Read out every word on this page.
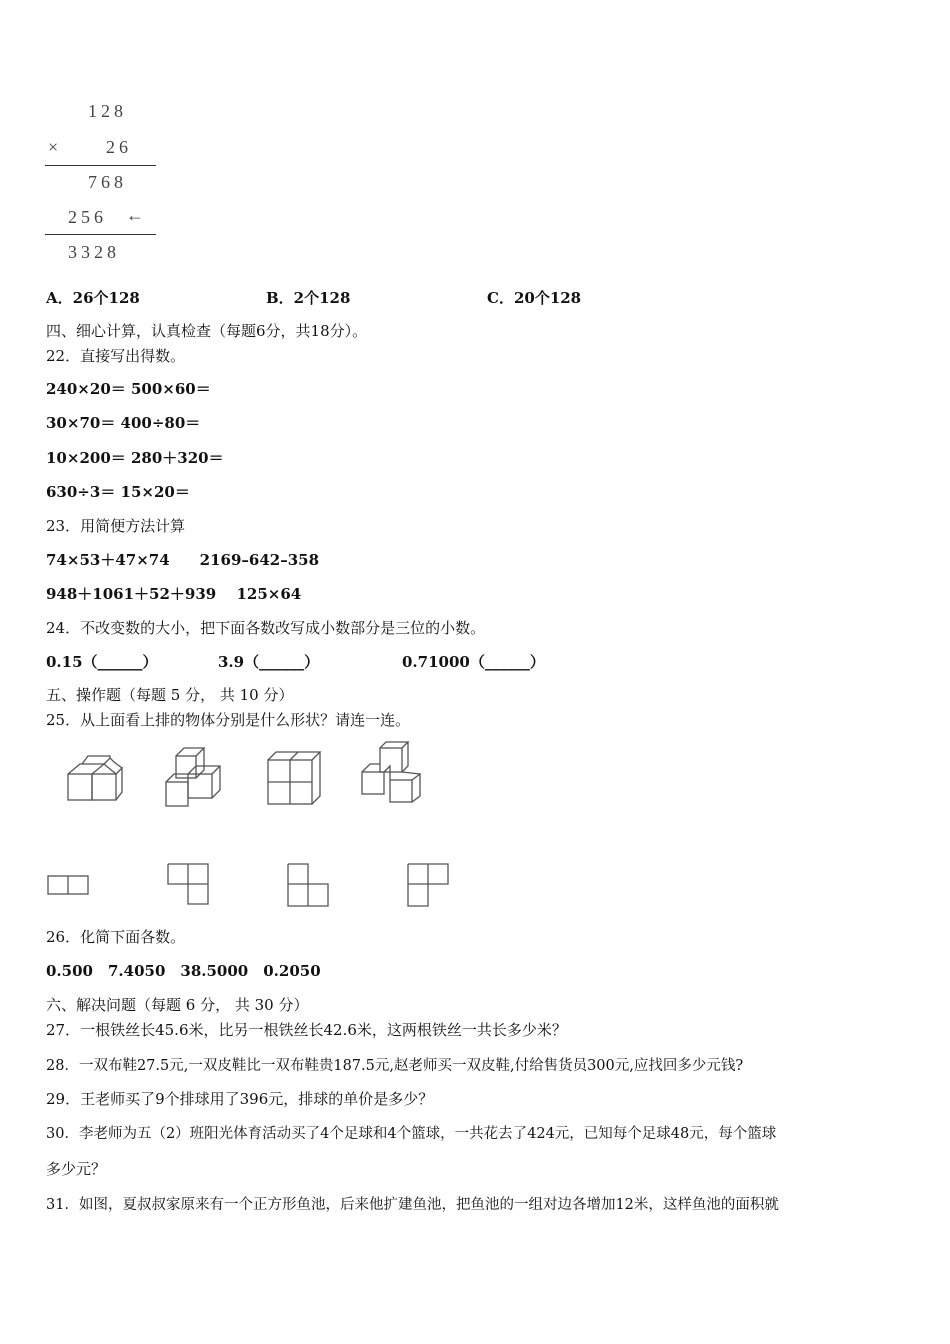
128
× 26
768
256 ←
3328
A．26个128	B．2个128	C．20个128
四、细心计算，认真检查（每题6分，共18分）。
22．直接写出得数。
240×20＝ 500×60＝
30×70＝ 400÷80＝
10×200＝ 280＋320＝
630÷3＝ 15×20＝
23．用简便方法计算
74×53＋47×74　　2169–642–358
948＋1061＋52＋939　 125×64
24．不改变数的大小，把下面各数改写成小数部分是三位的小数。
0.15（______）	3.9（______）	0.71000（______）
五、操作题（每题 5 分， 共 10 分）
25．从上面看上排的物体分别是什么形状？请连一连。
26．化简下面各数。
0.500　7.4050　38.5000　0.2050
六、解决问题（每题 6 分， 共 30 分）
27．一根铁丝长45.6米，比另一根铁丝长42.6米，这两根铁丝一共长多少米？
28．一双布鞋27.5元,一双皮鞋比一双布鞋贵187.5元,赵老师买一双皮鞋,付给售货员300元,应找回多少元钱?
29．王老师买了9个排球用了396元，排球的单价是多少？
30．李老师为五（2）班阳光体育活动买了4个足球和4个篮球，一共花去了424元，已知每个足球48元，每个篮球
多少元？
31．如图，夏叔叔家原来有一个正方形鱼池，后来他扩建鱼池，把鱼池的一组对边各增加12米，这样鱼池的面积就
